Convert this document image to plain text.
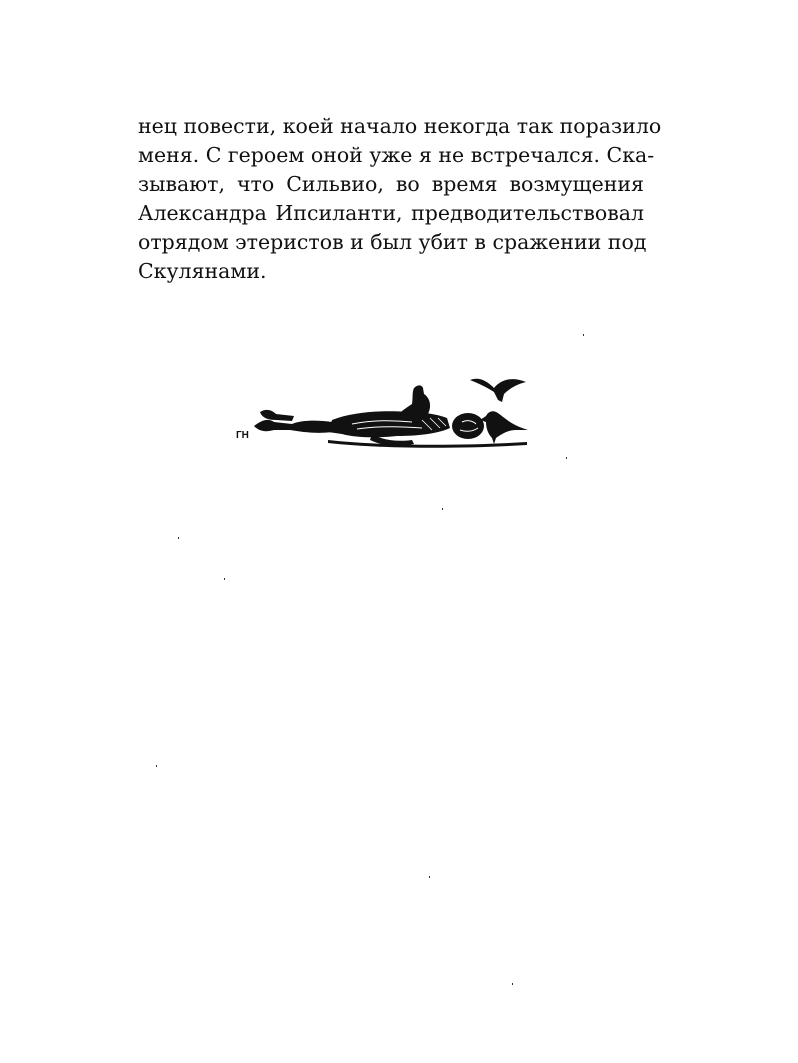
нец повести, коей начало некогда так поразило
меня. С героем оной уже я не встречался. Ска-
зывают, что Сильвио, во время возмущения
Александра Ипсиланти, предводительствовал
отрядом этеристов и был убит в сражении под
Скулянами.
ГН
